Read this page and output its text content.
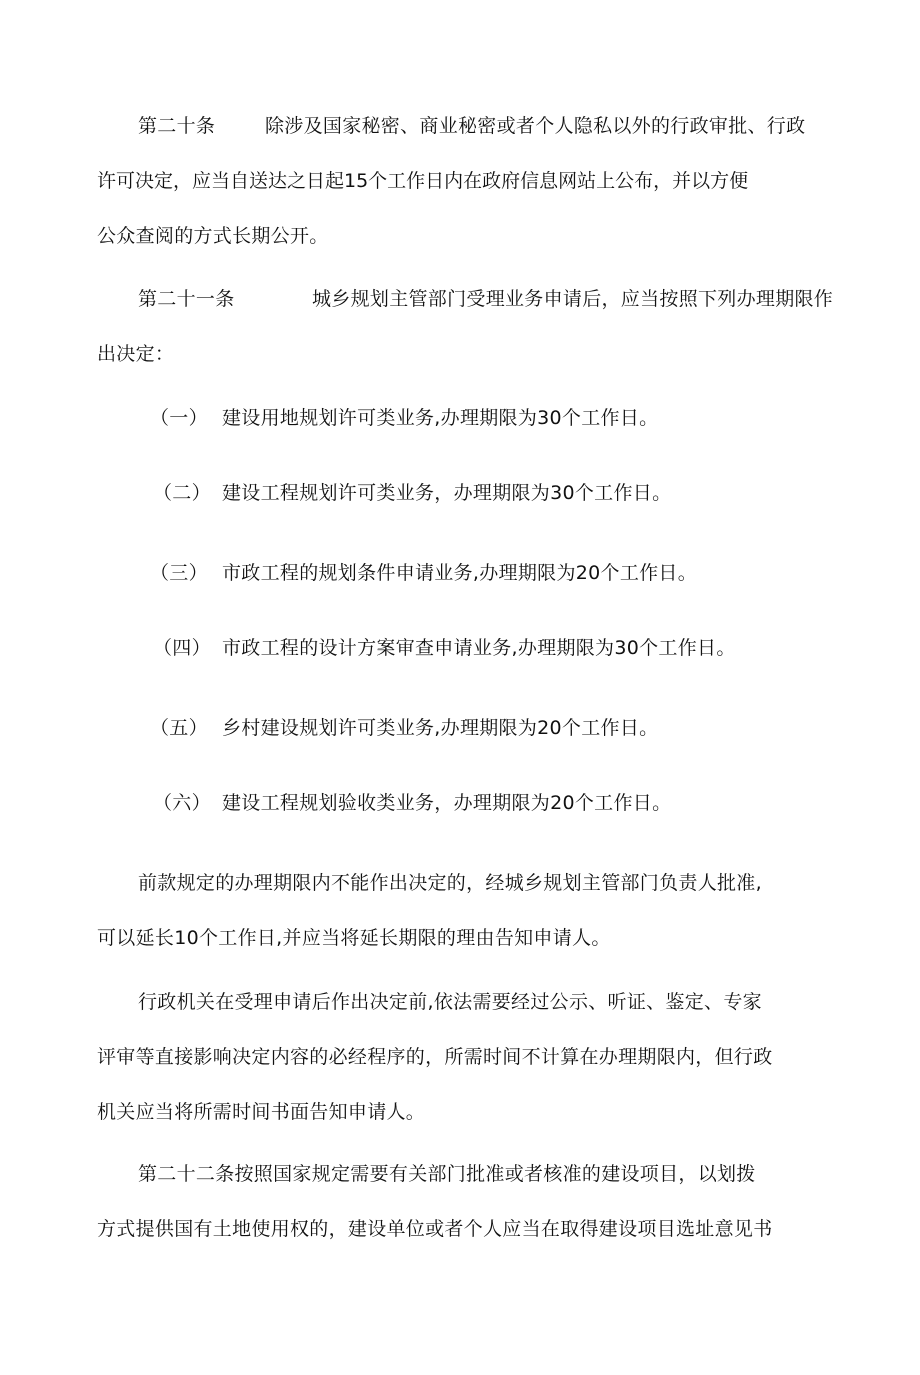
第二十条	除涉及国家秘密、商业秘密或者个人隐私以外的行政审批、行政
许可决定，应当自送达之日起15个工作日内在政府信息网站上公布，并以方便
公众查阅的方式长期公开。
第二十一条	城乡规划主管部门受理业务申请后，应当按照下列办理期限作
出决定：
（一） 建设用地规划许可类业务,办理期限为30个工作日。
（二） 建设工程规划许可类业务，办理期限为30个工作日。
（三） 市政工程的规划条件申请业务,办理期限为20个工作日。
（四） 市政工程的设计方案审查申请业务,办理期限为30个工作日。
（五） 乡村建设规划许可类业务,办理期限为20个工作日。
（六） 建设工程规划验收类业务，办理期限为20个工作日。
前款规定的办理期限内不能作出决定的，经城乡规划主管部门负责人批准,
可以延长10个工作日,并应当将延长期限的理由告知申请人。
行政机关在受理申请后作出决定前,依法需要经过公示、听证、鉴定、专家
评审等直接影响决定内容的必经程序的，所需时间不计算在办理期限内，但行政
机关应当将所需时间书面告知申请人。
第二十二条按照国家规定需要有关部门批准或者核准的建设项目，以划拨
方式提供国有土地使用权的，建设单位或者个人应当在取得建设项目选址意见书
